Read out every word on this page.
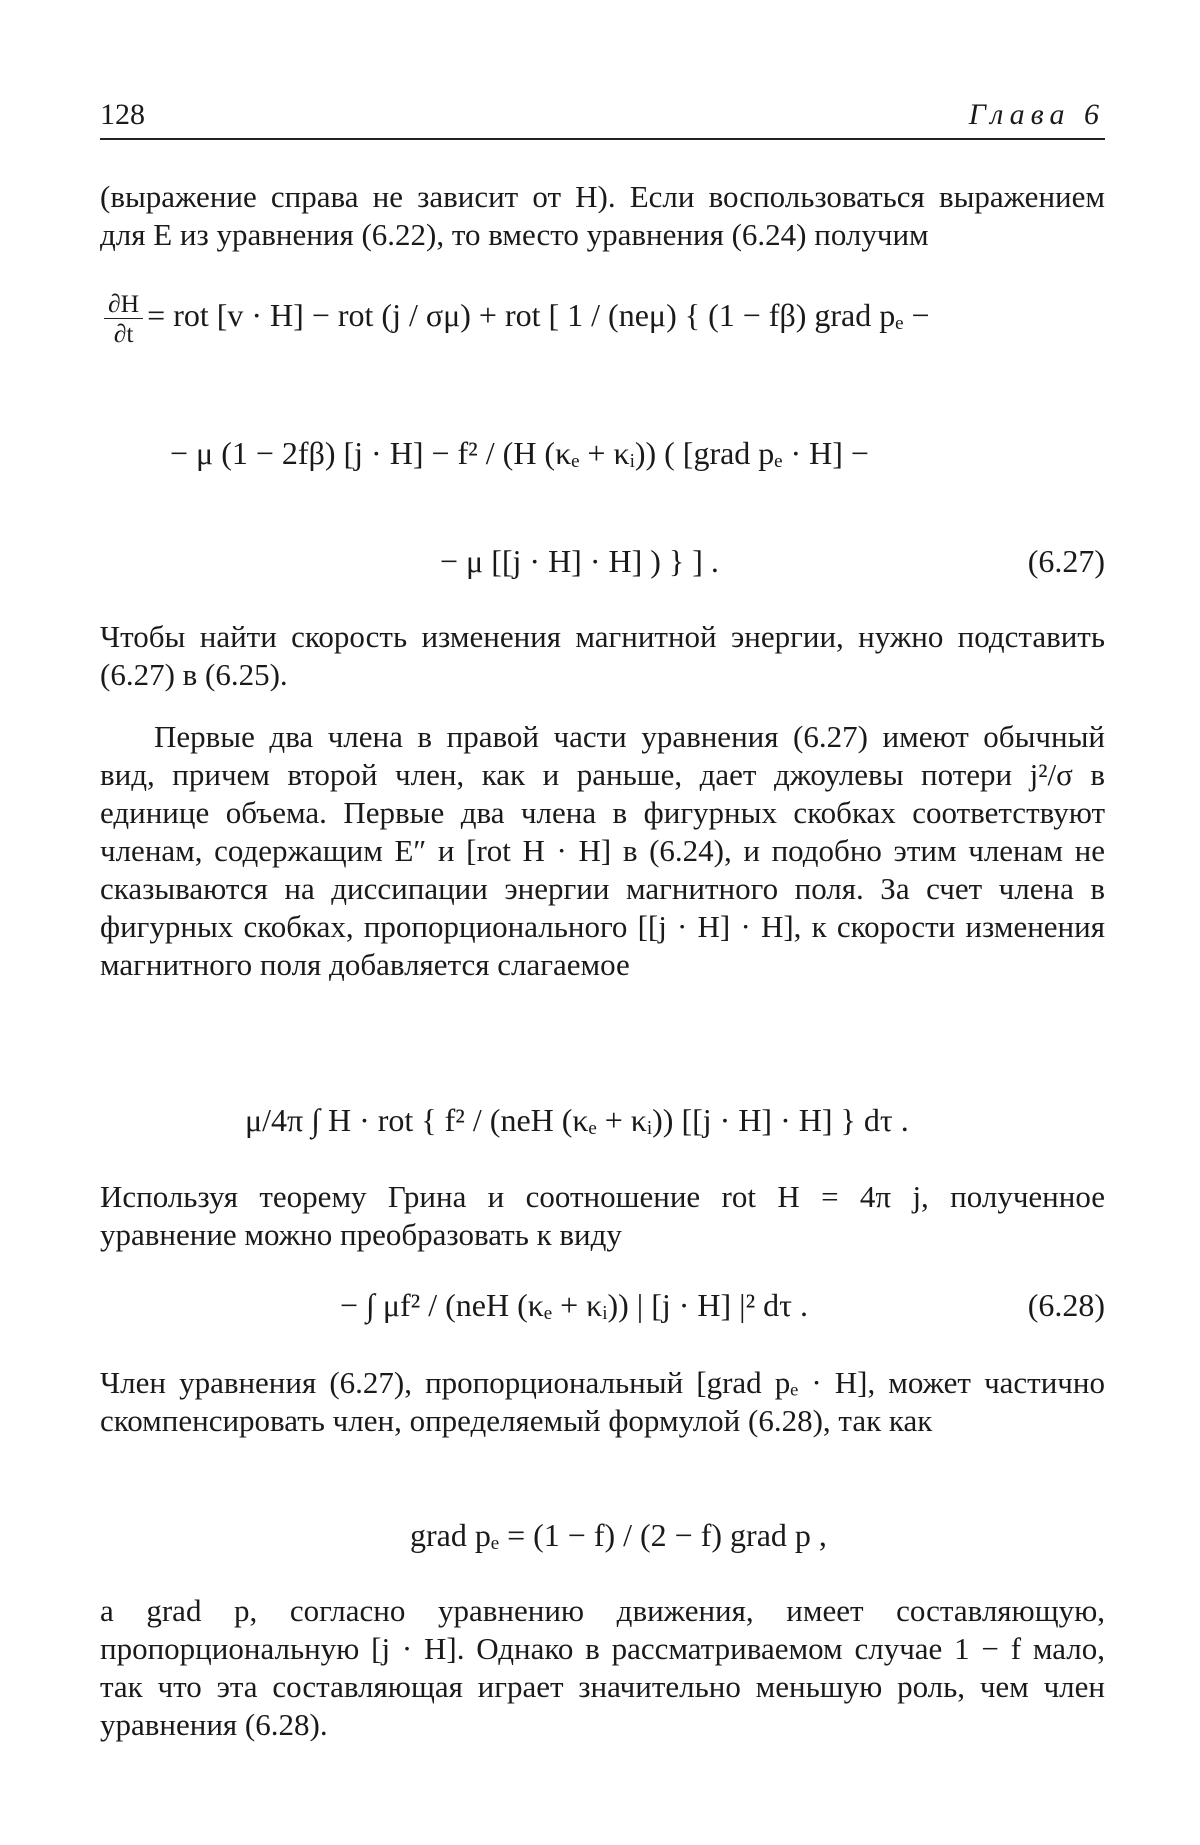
128	Глава 6
(выражение справа не зависит от H). Если воспользоваться выражением для E из уравнения (6.22), то вместо уравнения (6.24) получим
$\frac{\partial H}{\partial t}$ = rot [v · H] − rot (j / σμ) + rot [ 1 / (neμ) { (1 − fβ) grad pₑ −
− μ (1 − 2fβ) [j · H] − f² / (H (κₑ + κᵢ)) ( [grad pₑ · H] −
− μ [[j · H] · H] ) } ] .	(6.27)
Чтобы найти скорость изменения магнитной энергии, нужно подставить (6.27) в (6.25).
Первые два члена в правой части уравнения (6.27) имеют обычный вид, причем второй член, как и раньше, дает джоулевы потери j²/σ в единице объема. Первые два члена в фигурных скобках соответствуют членам, содержащим E″ и [rot H · H] в (6.24), и подобно этим членам не сказываются на диссипации энергии магнитного поля. За счет члена в фигурных скобках, пропорционального [[j · H] · H], к скорости изменения магнитного поля добавляется слагаемое
μ/4π ∫ H · rot { f² / (neH (κₑ + κᵢ)) [[j · H] · H] } dτ .
Используя теорему Грина и соотношение rot H = 4π j, полученное уравнение можно преобразовать к виду
− ∫ μf² / (neH (κₑ + κᵢ)) | [j · H] |² dτ .	(6.28)
Член уравнения (6.27), пропорциональный [grad pₑ · H], может частично скомпенсировать член, определяемый формулой (6.28), так как
grad pₑ = (1 − f) / (2 − f) grad p ,
а grad p, согласно уравнению движения, имеет составляющую, пропорциональную [j · H]. Однако в рассматриваемом случае 1 − f мало, так что эта составляющая играет значительно меньшую роль, чем член уравнения (6.28).
